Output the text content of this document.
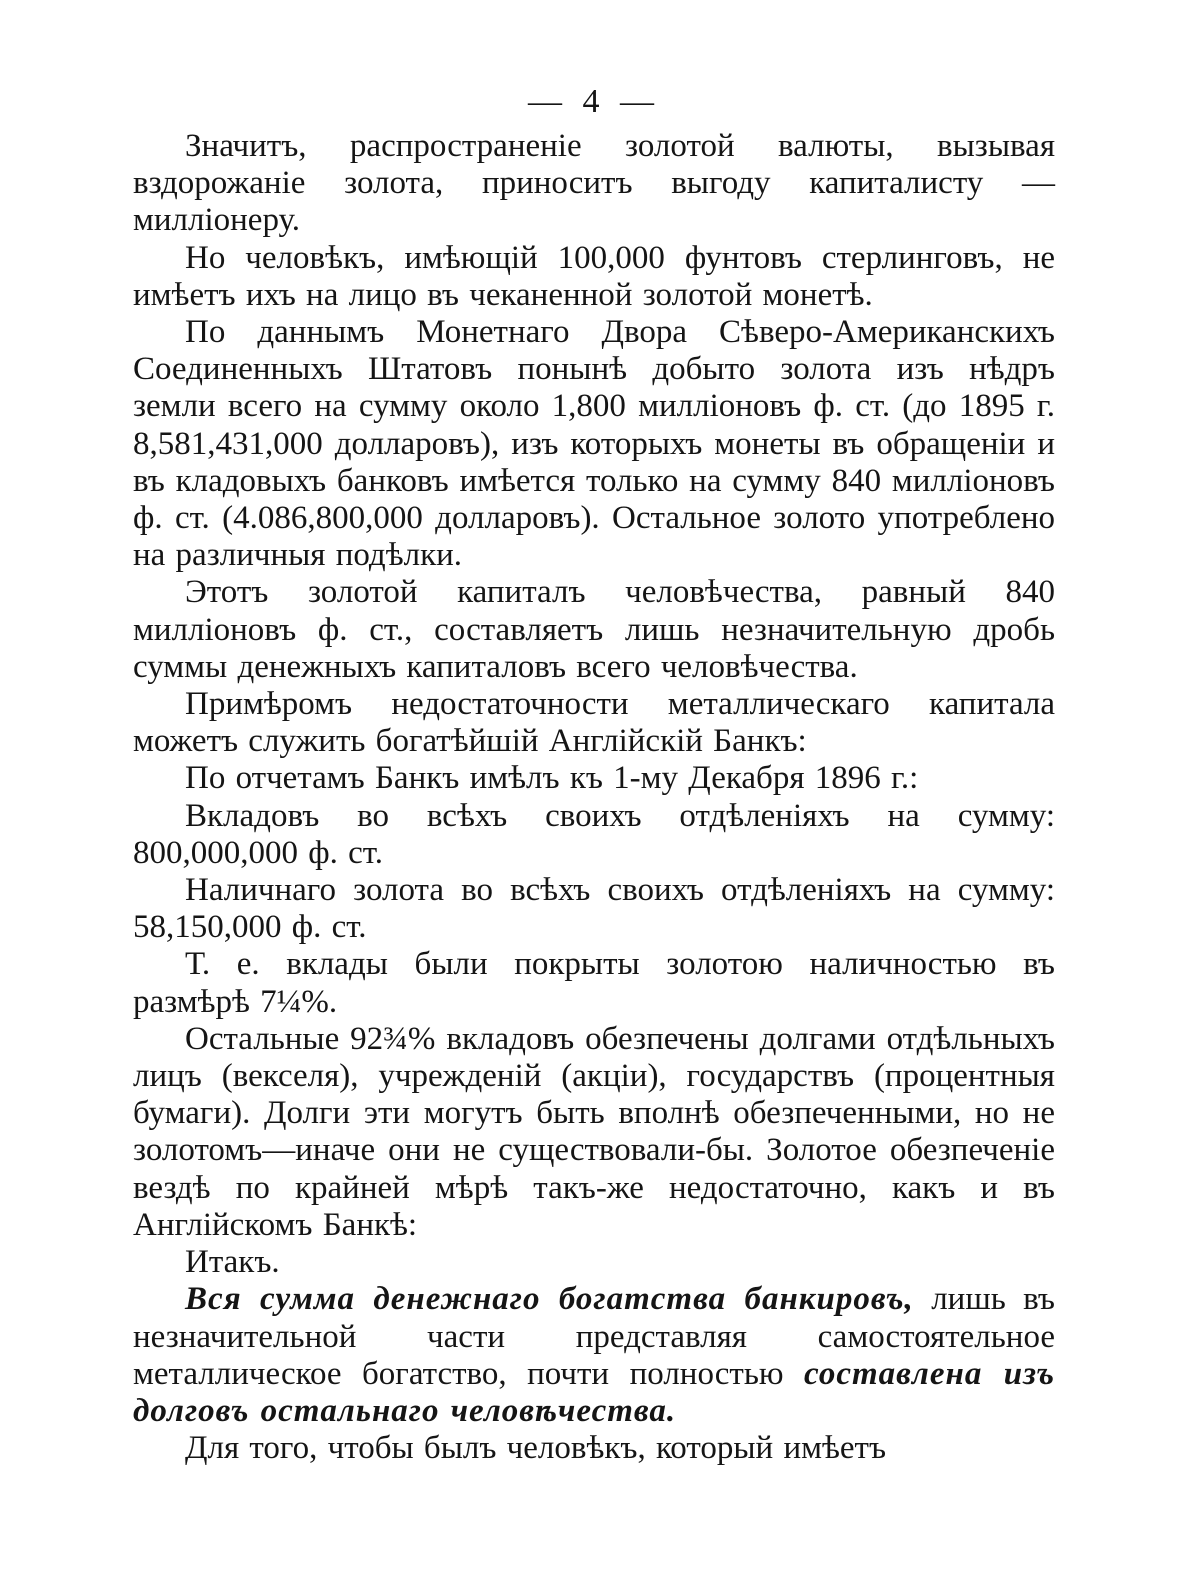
— 4 —

Значитъ, распространеніе золотой валюты, вызывая вздорожаніе золота, приноситъ выгоду капиталисту — милліонеру.

Но человѣкъ, имѣющій 100,000 фунтовъ стерлинговъ, не имѣетъ ихъ на лицо въ чеканенной золотой монетѣ.

По даннымъ Монетнаго Двора Сѣверо-Американскихъ Соединенныхъ Штатовъ понынѣ добыто золота изъ нѣдръ земли всего на сумму около 1,800 милліоновъ ф. ст. (до 1895 г. 8,581,431,000 долларовъ), изъ которыхъ монеты въ обращеніи и въ кладовыхъ банковъ имѣется только на сумму 840 милліоновъ ф. ст. (4.086,800,000 долларовъ). Остальное золото употреблено на различныя подѣлки.

Этотъ золотой капиталъ человѣчества, равный 840 милліоновъ ф. ст., составляетъ лишь незначительную дробь суммы денежныхъ капиталовъ всего человѣчества.

Примѣромъ недостаточности металлическаго капитала можетъ служить богатѣйшій Англійскій Банкъ:

По отчетамъ Банкъ имѣлъ къ 1-му Декабря 1896 г.:

Вкладовъ во всѣхъ своихъ отдѣленіяхъ на сумму: 800,000,000 ф. ст.

Наличнаго золота во всѣхъ своихъ отдѣленіяхъ на сумму: 58,150,000 ф. ст.

Т. е. вклады были покрыты золотою наличностью въ размѣрѣ 7¼%.

Остальные 92¾% вкладовъ обезпечены долгами отдѣльныхъ лицъ (векселя), учрежденій (акціи), государствъ (процентныя бумаги). Долги эти могутъ быть вполнѣ обезпеченными, но не золотомъ—иначе они не существовали-бы. Золотое обезпеченіе вездѣ по крайней мѣрѣ такъ-же недостаточно, какъ и въ Англійскомъ Банкѣ:

Итакъ.

Вся сумма денежнаго богатства банкировъ, лишь въ незначительной части представляя самостоятельное металлическое богатство, почти полностью составлена изъ долговъ остальнаго человѣчества.

Для того, чтобы былъ человѣкъ, который имѣетъ
